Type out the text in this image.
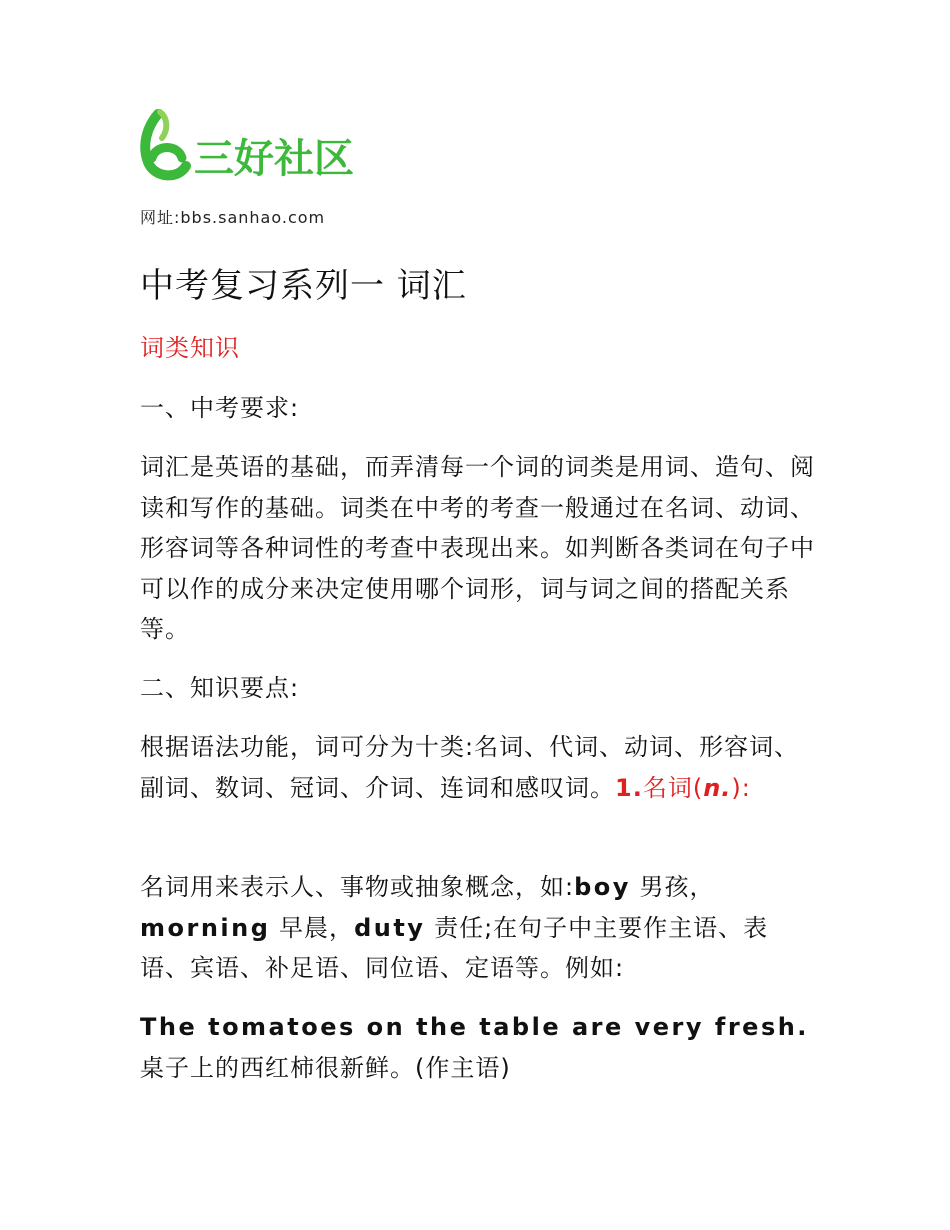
三好社区
网址:bbs.sanhao.com
中考复习系列一 词汇

词类知识

一、中考要求:

词汇是英语的基础，而弄清每一个词的词类是用词、造句、阅读和写作的基础。词类在中考的考查一般通过在名词、动词、形容词等各种词性的考查中表现出来。如判断各类词在句子中可以作的成分来决定使用哪个词形，词与词之间的搭配关系等。

二、知识要点:

根据语法功能，词可分为十类:名词、代词、动词、形容词、副词、数词、冠词、介词、连词和感叹词。1.名词(n.):

名词用来表示人、事物或抽象概念，如:boy 男孩，morning 早晨，duty 责任;在句子中主要作主语、表语、宾语、补足语、同位语、定语等。例如:

The tomatoes on the table are very fresh. 桌子上的西红柿很新鲜。(作主语)
